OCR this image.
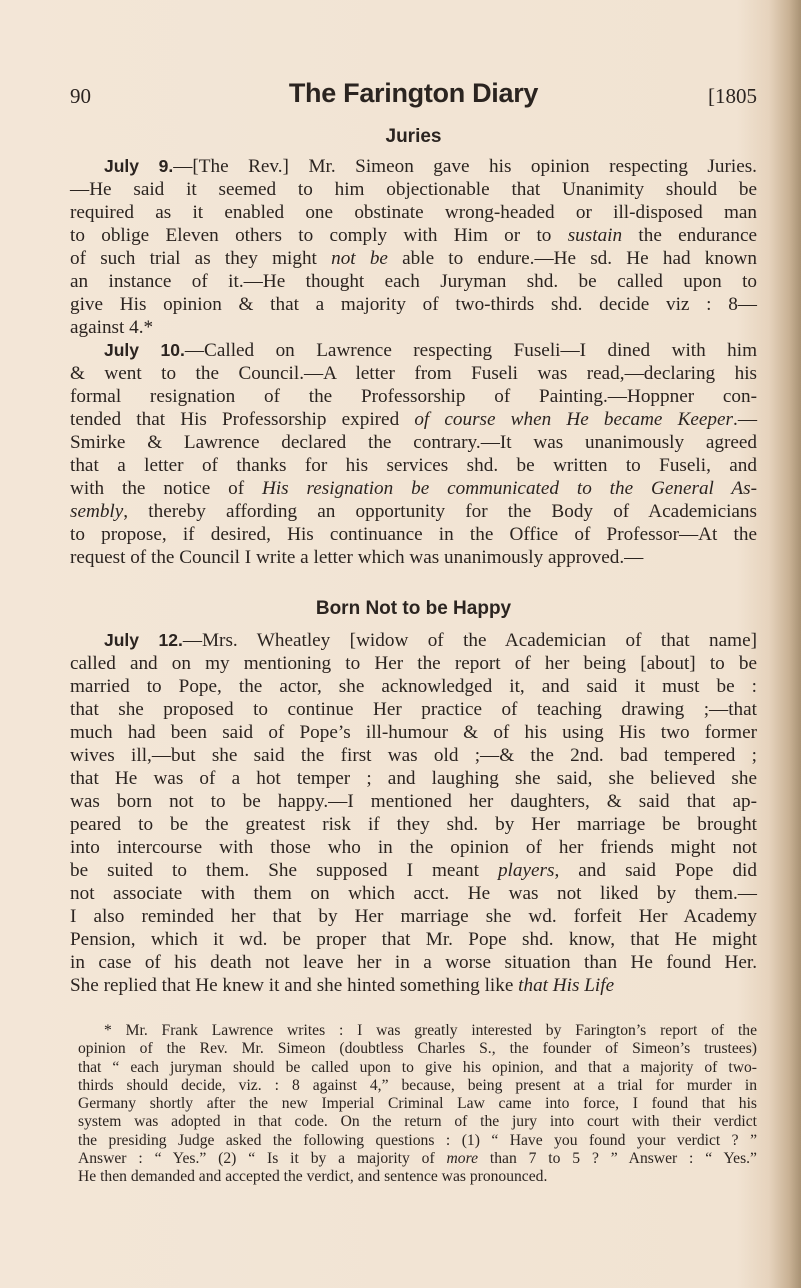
90	The Farington Diary	[1805
Juries
July 9.—[The Rev.] Mr. Simeon gave his opinion respecting Juries.
—He said it seemed to him objectionable that Unanimity should be
required as it enabled one obstinate wrong-headed or ill-disposed man
to oblige Eleven others to comply with Him or to sustain the endurance
of such trial as they might not be able to endure.—He sd. He had known
an instance of it.—He thought each Juryman shd. be called upon to
give His opinion & that a majority of two-thirds shd. decide viz : 8—
against 4.*
July 10.—Called on Lawrence respecting Fuseli—I dined with him
& went to the Council.—A letter from Fuseli was read,—declaring his
formal resignation of the Professorship of Painting.—Hoppner con-
tended that His Professorship expired of course when He became Keeper.—
Smirke & Lawrence declared the contrary.—It was unanimously agreed
that a letter of thanks for his services shd. be written to Fuseli, and
with the notice of His resignation be communicated to the General As-
sembly, thereby affording an opportunity for the Body of Academicians
to propose, if desired, His continuance in the Office of Professor—At the
request of the Council I write a letter which was unanimously approved.—
Born Not to be Happy
July 12.—Mrs. Wheatley [widow of the Academician of that name]
called and on my mentioning to Her the report of her being [about] to be
married to Pope, the actor, she acknowledged it, and said it must be :
that she proposed to continue Her practice of teaching drawing ;—that
much had been said of Pope’s ill-humour & of his using His two former
wives ill,—but she said the first was old ;—& the 2nd. bad tempered ;
that He was of a hot temper ; and laughing she said, she believed she
was born not to be happy.—I mentioned her daughters, & said that ap-
peared to be the greatest risk if they shd. by Her marriage be brought
into intercourse with those who in the opinion of her friends might not
be suited to them. She supposed I meant players, and said Pope did
not associate with them on which acct. He was not liked by them.—
I also reminded her that by Her marriage she wd. forfeit Her Academy
Pension, which it wd. be proper that Mr. Pope shd. know, that He might
in case of his death not leave her in a worse situation than He found Her.
She replied that He knew it and she hinted something like that His Life
* Mr. Frank Lawrence writes : I was greatly interested by Farington’s report of the
opinion of the Rev. Mr. Simeon (doubtless Charles S., the founder of Simeon’s trustees)
that “ each juryman should be called upon to give his opinion, and that a majority of two-
thirds should decide, viz. : 8 against 4,” because, being present at a trial for murder in
Germany shortly after the new Imperial Criminal Law came into force, I found that his
system was adopted in that code. On the return of the jury into court with their verdict
the presiding Judge asked the following questions : (1) “ Have you found your verdict ? ”
Answer : “ Yes.” (2) “ Is it by a majority of more than 7 to 5 ? ” Answer : “ Yes.”
He then demanded and accepted the verdict, and sentence was pronounced.
